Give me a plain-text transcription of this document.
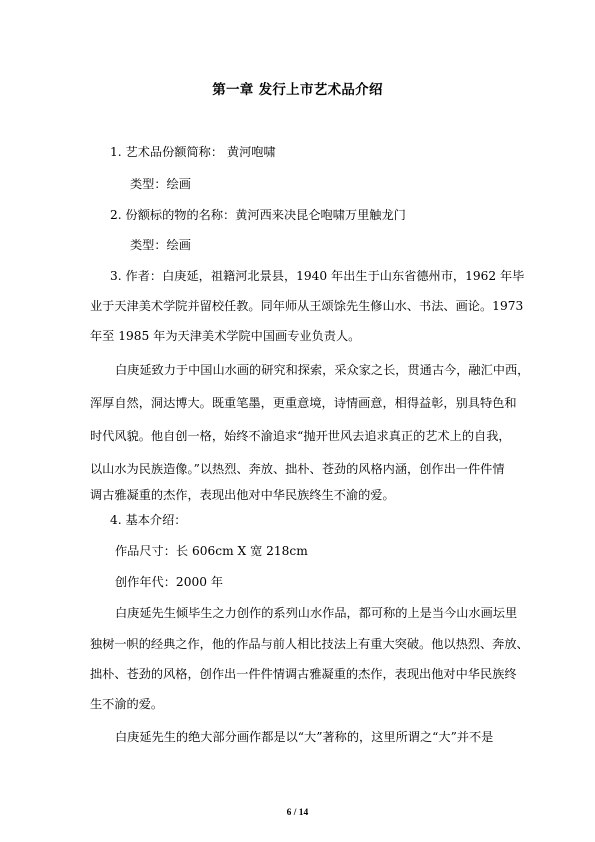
第一章 发行上市艺术品介绍
1. 艺术品份额简称： 黄河咆啸
类型：绘画
2. 份额标的物的名称：黄河西来决昆仑咆啸万里触龙门
类型：绘画
3. 作者：白庚延，祖籍河北景县，1940 年出生于山东省德州市，1962 年毕
业于天津美术学院并留校任教。同年师从王颂馀先生修山水、书法、画论。1973
年至 1985 年为天津美术学院中国画专业负责人。
白庚延致力于中国山水画的研究和探索，采众家之长，贯通古今，融汇中西，
浑厚自然，洞达博大。既重笔墨，更重意境，诗情画意，相得益彰，别具特色和
时代风貌。他自创一格，始终不渝追求“抛开世风去追求真正的艺术上的自我，
以山水为民族造像。”以热烈、奔放、拙朴、苍劲的风格内涵，创作出一件件情
调古雅凝重的杰作，表现出他对中华民族终生不渝的爱。
4. 基本介绍：
作品尺寸：长 606cm X 宽 218cm
创作年代：2000 年
白庚延先生倾毕生之力创作的系列山水作品，都可称的上是当今山水画坛里
独树一帜的经典之作，他的作品与前人相比技法上有重大突破。他以热烈、奔放、
拙朴、苍劲的风格，创作出一件件情调古雅凝重的杰作，表现出他对中华民族终
生不渝的爱。
白庚延先生的绝大部分画作都是以“大”著称的，这里所谓之“大”并不是
6 / 14
